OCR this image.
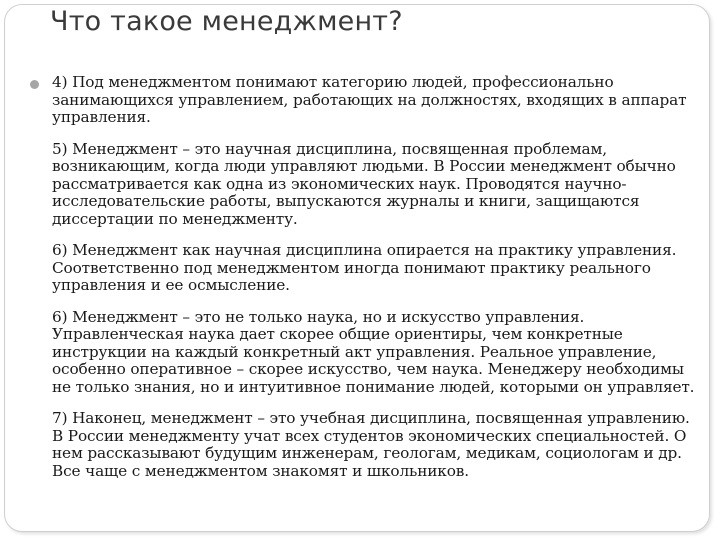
Что такое менеджмент?

4) Под менеджментом понимают категорию людей, профессионально занимающихся управлением, работающих на должностях, входящих в аппарат управления.

5) Менеджмент – это научная дисциплина, посвященная проблемам, возникающим, когда люди управляют людьми. В России менеджмент обычно рассматривается как одна из экономических наук. Проводятся научно-исследовательские работы, выпускаются журналы и книги, защищаются диссертации по менеджменту.

6) Менеджмент как научная дисциплина опирается на практику управления. Соответственно под менеджментом иногда понимают практику реального управления и ее осмысление.

6) Менеджмент – это не только наука, но и искусство управления. Управленческая наука дает скорее общие ориентиры, чем конкретные инструкции на каждый конкретный акт управления. Реальное управление, особенно оперативное – скорее искусство, чем наука. Менеджеру необходимы не только знания, но и интуитивное понимание людей, которыми он управляет.

7) Наконец, менеджмент – это учебная дисциплина, посвященная управлению. В России менеджменту учат всех студентов экономических специальностей. О нем рассказывают будущим инженерам, геологам, медикам, социологам и др. Все чаще с менеджментом знакомят и школьников.
